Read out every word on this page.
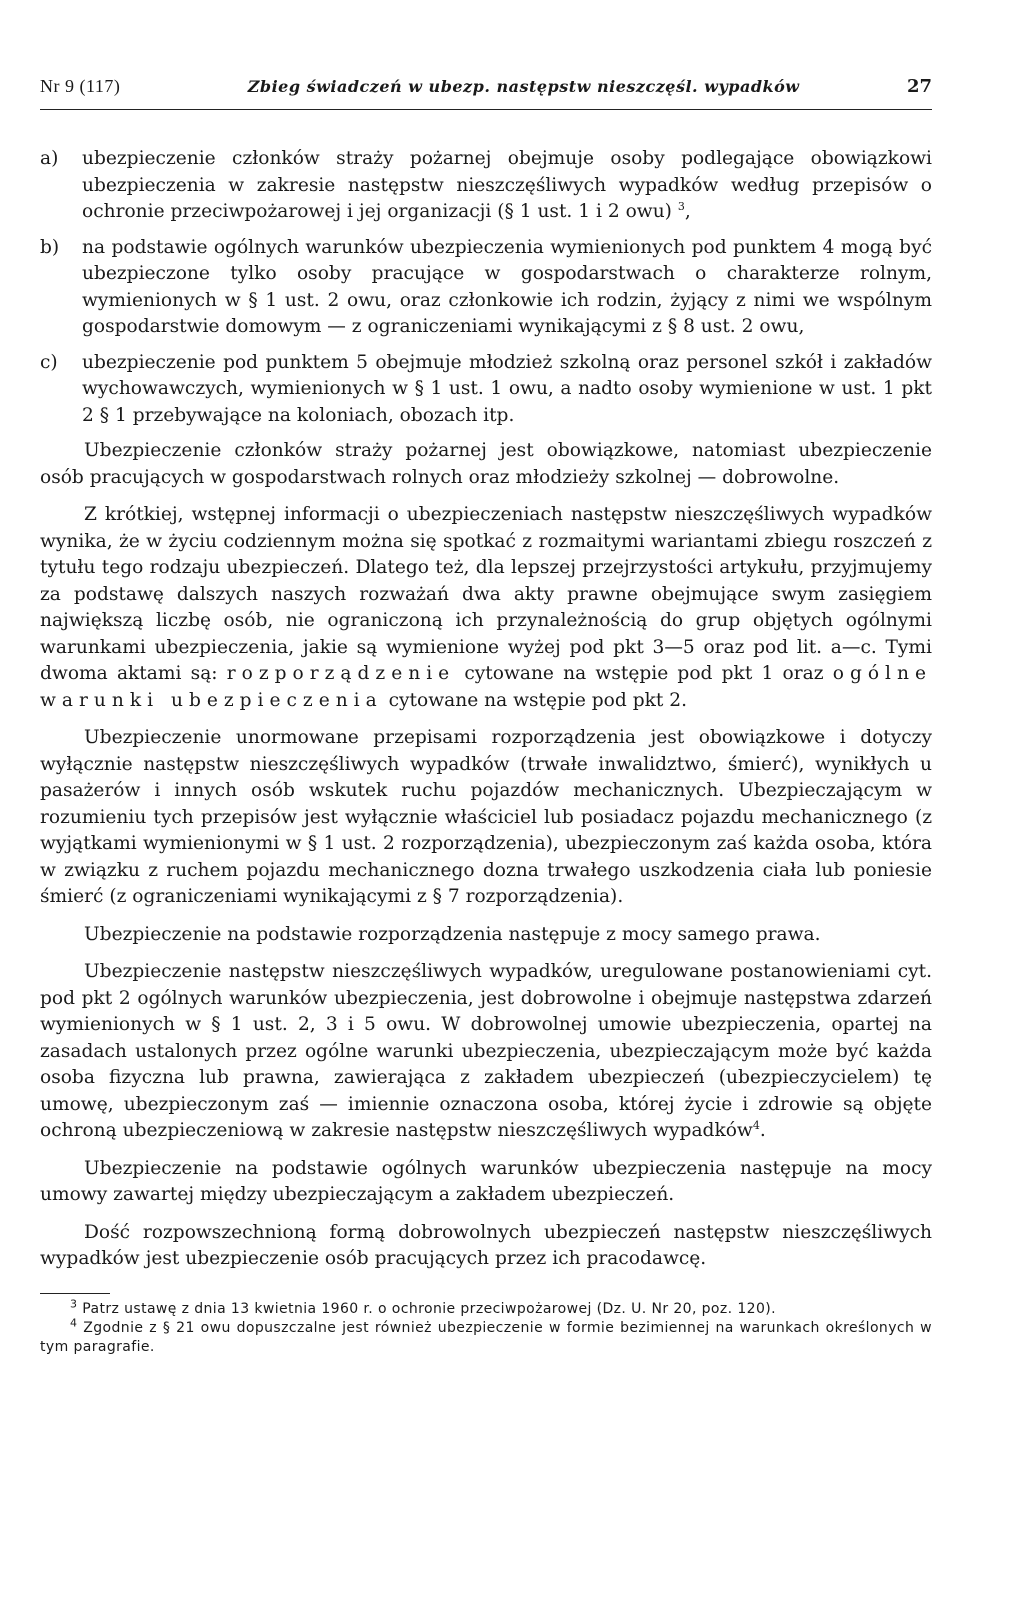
Nr 9 (117)	Zbieg świadczeń w ubezp. następstw nieszczęśl. wypadków	27
a)	ubezpieczenie członków straży pożarnej obejmuje osoby podlegające obowiązkowi ubezpieczenia w zakresie następstw nieszczęśliwych wypadków według przepisów o ochronie przeciwpożarowej i jej organizacji (§ 1 ust. 1 i 2 owu) $^3$,
b)	na podstawie ogólnych warunków ubezpieczenia wymienionych pod punktem 4 mogą być ubezpieczone tylko osoby pracujące w gospodarstwach o charakterze rolnym, wymienionych w § 1 ust. 2 owu, oraz członkowie ich rodzin, żyjący z nimi we wspólnym gospodarstwie domowym — z ograniczeniami wynikającymi z § 8 ust. 2 owu,
c)	ubezpieczenie pod punktem 5 obejmuje młodzież szkolną oraz personel szkół i zakładów wychowawczych, wymienionych w § 1 ust. 1 owu, a nadto osoby wymienione w ust. 1 pkt 2 § 1 przebywające na koloniach, obozach itp.

Ubezpieczenie członków straży pożarnej jest obowiązkowe, natomiast ubezpieczenie osób pracujących w gospodarstwach rolnych oraz młodzieży szkolnej — dobrowolne.

Z krótkiej, wstępnej informacji o ubezpieczeniach następstw nieszczęśliwych wypadków wynika, że w życiu codziennym można się spotkać z rozmaitymi wariantami zbiegu roszczeń z tytułu tego rodzaju ubezpieczeń. Dlatego też, dla lepszej przejrzystości artykułu, przyjmujemy za podstawę dalszych naszych rozważań dwa akty prawne obejmujące swym zasięgiem największą liczbę osób, nie ograniczoną ich przynależnością do grup objętych ogólnymi warunkami ubezpieczenia, jakie są wymienione wyżej pod pkt 3—5 oraz pod lit. a—c. Tymi dwoma aktami są: rozporządzenie cytowane na wstępie pod pkt 1 oraz ogólne warunki ubezpieczenia cytowane na wstępie pod pkt 2.

Ubezpieczenie unormowane przepisami rozporządzenia jest obowiązkowe i dotyczy wyłącznie następstw nieszczęśliwych wypadków (trwałe inwalidztwo, śmierć), wynikłych u pasażerów i innych osób wskutek ruchu pojazdów mechanicznych. Ubezpieczającym w rozumieniu tych przepisów jest wyłącznie właściciel lub posiadacz pojazdu mechanicznego (z wyjątkami wymienionymi w § 1 ust. 2 rozporządzenia), ubezpieczonym zaś każda osoba, która w związku z ruchem pojazdu mechanicznego dozna trwałego uszkodzenia ciała lub poniesie śmierć (z ograniczeniami wynikającymi z § 7 rozporządzenia).

Ubezpieczenie na podstawie rozporządzenia następuje z mocy samego prawa.

Ubezpieczenie następstw nieszczęśliwych wypadków, uregulowane postanowieniami cyt. pod pkt 2 ogólnych warunków ubezpieczenia, jest dobrowolne i obejmuje następstwa zdarzeń wymienionych w § 1 ust. 2, 3 i 5 owu. W dobrowolnej umowie ubezpieczenia, opartej na zasadach ustalonych przez ogólne warunki ubezpieczenia, ubezpieczającym może być każda osoba fizyczna lub prawna, zawierająca z zakładem ubezpieczeń (ubezpieczycielem) tę umowę, ubezpieczonym zaś — imiennie oznaczona osoba, której życie i zdrowie są objęte ochroną ubezpieczeniową w zakresie następstw nieszczęśliwych wypadków$^4$.

Ubezpieczenie na podstawie ogólnych warunków ubezpieczenia następuje na mocy umowy zawartej między ubezpieczającym a zakładem ubezpieczeń.

Dość rozpowszechnioną formą dobrowolnych ubezpieczeń następstw nieszczęśliwych wypadków jest ubezpieczenie osób pracujących przez ich pracodawcę.

$^3$ Patrz ustawę z dnia 13 kwietnia 1960 r. o ochronie przeciwpożarowej (Dz. U. Nr 20, poz. 120).

$^4$ Zgodnie z § 21 owu dopuszczalne jest również ubezpieczenie w formie bezimiennej na warunkach określonych w tym paragrafie.
